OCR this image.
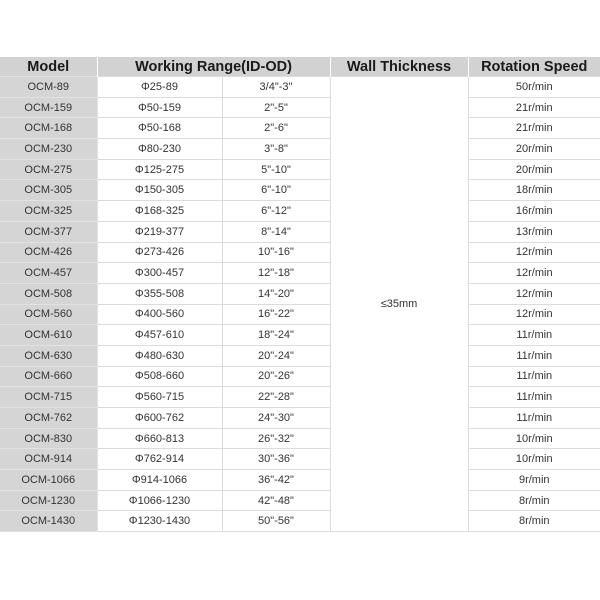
Model	Working Range(ID-OD)		Wall Thickness	Rotation Speed
OCM-89	Φ25-89	3/4"-3"	≤35mm	50r/min
OCM-159	Φ50-159	2"-5"		21r/min
OCM-168	Φ50-168	2"-6"		21r/min
OCM-230	Φ80-230	3"-8"		20r/min
OCM-275	Φ125-275	5"-10"		20r/min
OCM-305	Φ150-305	6"-10"		18r/min
OCM-325	Φ168-325	6"-12"		16r/min
OCM-377	Φ219-377	8"-14"		13r/min
OCM-426	Φ273-426	10"-16"		12r/min
OCM-457	Φ300-457	12"-18"		12r/min
OCM-508	Φ355-508	14"-20"		12r/min
OCM-560	Φ400-560	16"-22"		12r/min
OCM-610	Φ457-610	18"-24"		11r/min
OCM-630	Φ480-630	20"-24"		11r/min
OCM-660	Φ508-660	20"-26"		11r/min
OCM-715	Φ560-715	22"-28"		11r/min
OCM-762	Φ600-762	24"-30"		11r/min
OCM-830	Φ660-813	26"-32"		10r/min
OCM-914	Φ762-914	30"-36"		10r/min
OCM-1066	Φ914-1066	36"-42"		9r/min
OCM-1230	Φ1066-1230	42"-48"		8r/min
OCM-1430	Φ1230-1430	50"-56"		8r/min
